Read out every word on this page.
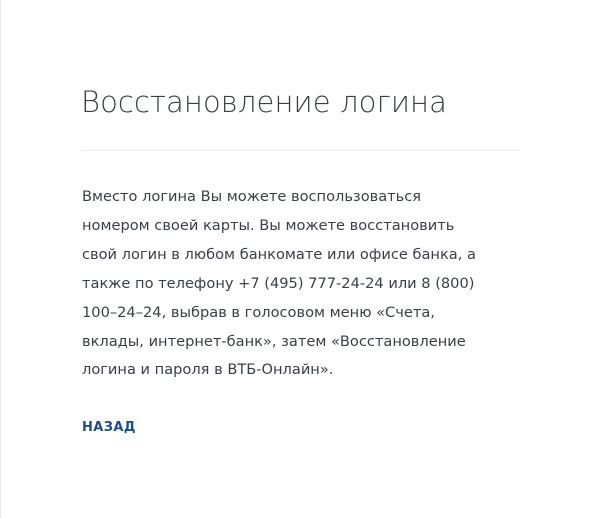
Восстановление логина

Вместо логина Вы можете воспользоваться
номером своей карты. Вы можете восстановить
свой логин в любом банкомате или офисе банка, а
также по телефону +7 (495) 777-24-24 или 8 (800)
100–24–24, выбрав в голосовом меню «Счета,
вклады, интернет-банк», затем «Восстановление
логина и пароля в ВТБ-Онлайн».

НАЗАД
